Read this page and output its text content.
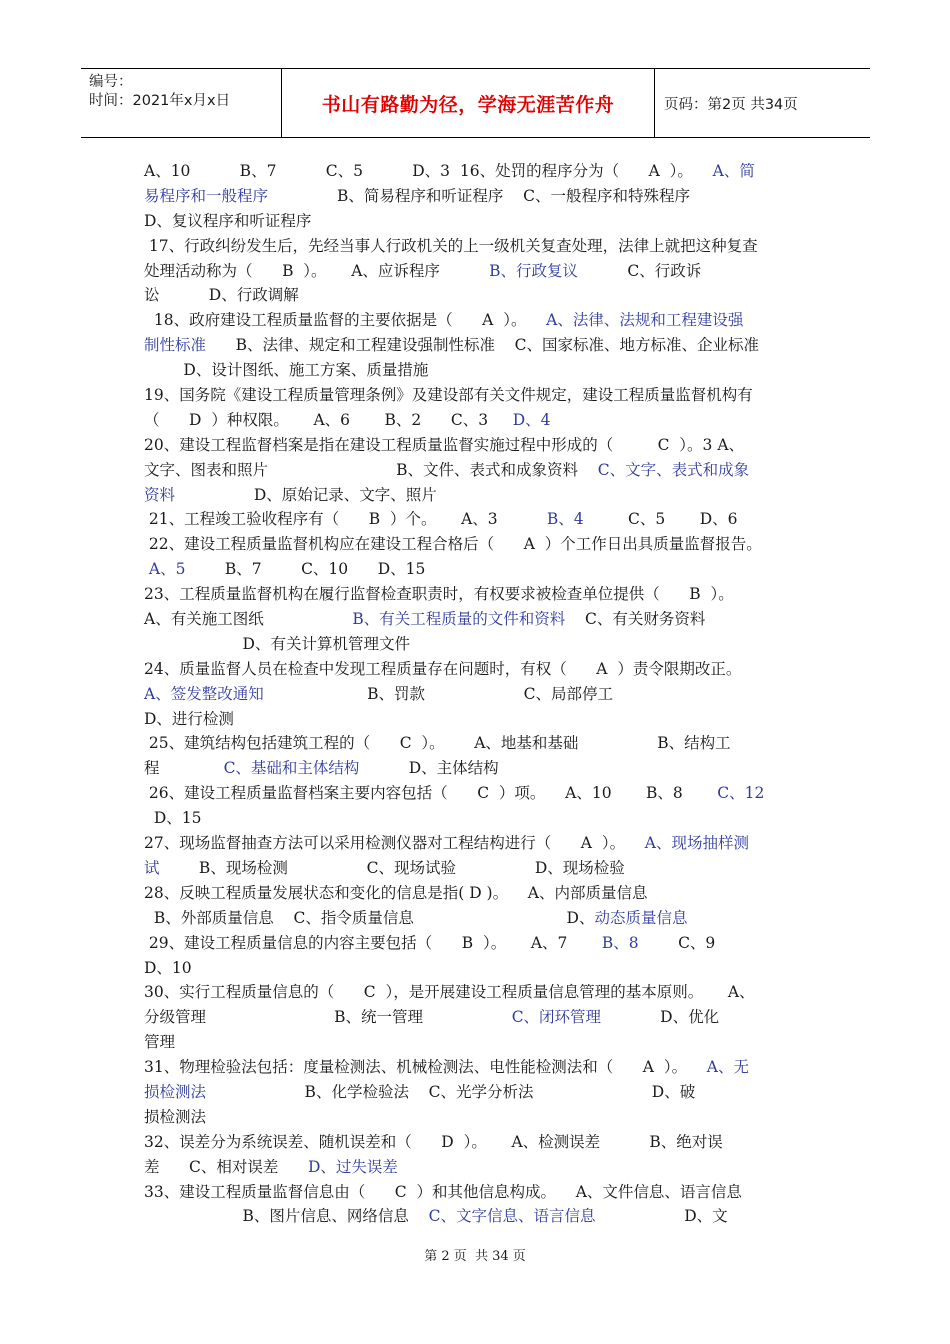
编号：
时间：2021年x月x日	书山有路勤为径，学海无涯苦作舟	页码：第2页 共34页
A、10          B、7          C、5          D、3  16、处罚的程序分为（      A  ）。    A、简
易程序和一般程序              B、简易程序和听证程序    C、一般程序和特殊程序
D、复议程序和听证程序
17、行政纠纷发生后，先经当事人行政机关的上一级机关复查处理，法律上就把这种复查
处理活动称为（      B  ）。     A、应诉程序          B、行政复议          C、行政诉
讼          D、行政调解
18、政府建设工程质量监督的主要依据是（      A  ）。    A、法律、法规和工程建设强
制性标准      B、法律、规定和工程建设强制性标准    C、国家标准、地方标准、企业标准
D、设计图纸、施工方案、质量措施
19、国务院《建设工程质量管理条例》及建设部有关文件规定，建设工程质量监督机构有
（      D  ）种权限。     A、6       B、2      C、3     D、4
20、建设工程监督档案是指在建设工程质量监督实施过程中形成的（         C  ）。3 A、
文字、图表和照片                          B、文件、表式和成象资料    C、文字、表式和成象
资料                D、原始记录、文字、照片
21、工程竣工验收程序有（      B  ）个。     A、3          B、4         C、5       D、6
22、建设工程质量监督机构应在建设工程合格后（      A  ）个工作日出具质量监督报告。
A、5        B、7        C、10      D、15
23、工程质量监督机构在履行监督检查职责时，有权要求被检查单位提供（      B  ）。
A、有关施工图纸                  B、有关工程质量的文件和资料    C、有关财务资料
D、有关计算机管理文件
24、质量监督人员在检查中发现工程质量存在问题时，有权（      A  ）责令限期改正。
A、签发整改通知                     B、罚款                    C、局部停工
D、进行检测
25、建筑结构包括建筑工程的（      C  ）。      A、地基和基础                B、结构工
程             C、基础和主体结构          D、主体结构
26、建设工程质量监督档案主要内容包括（      C  ）项。    A、10       B、8       C、12
D、15
27、现场监督抽查方法可以采用检测仪器对工程结构进行（      A  ）。    A、现场抽样测
试        B、现场检测                C、现场试验                D、现场检验
28、反映工程质量发展状态和变化的信息是指( D )。    A、内部质量信息
B、外部质量信息    C、指令质量信息                               D、动态质量信息
29、建设工程质量信息的内容主要包括（      B  ）。     A、7       B、8        C、9
D、10
30、实行工程质量信息的（      C  ），是开展建设工程质量信息管理的基本原则。     A、
分级管理                          B、统一管理                  C、闭环管理            D、优化
管理
31、物理检验法包括：度量检测法、机械检测法、电性能检测法和（      A  ）。    A、无
损检测法                    B、化学检验法    C、光学分析法                        D、破
损检测法
32、误差分为系统误差、随机误差和（      D  ）。     A、检测误差          B、绝对误
差      C、相对误差      D、过失误差
33、建设工程质量监督信息由（      C  ）和其他信息构成。    A、文件信息、语言信息
B、图片信息、网络信息    C、文字信息、语言信息                  D、文
第 2 页  共 34 页
